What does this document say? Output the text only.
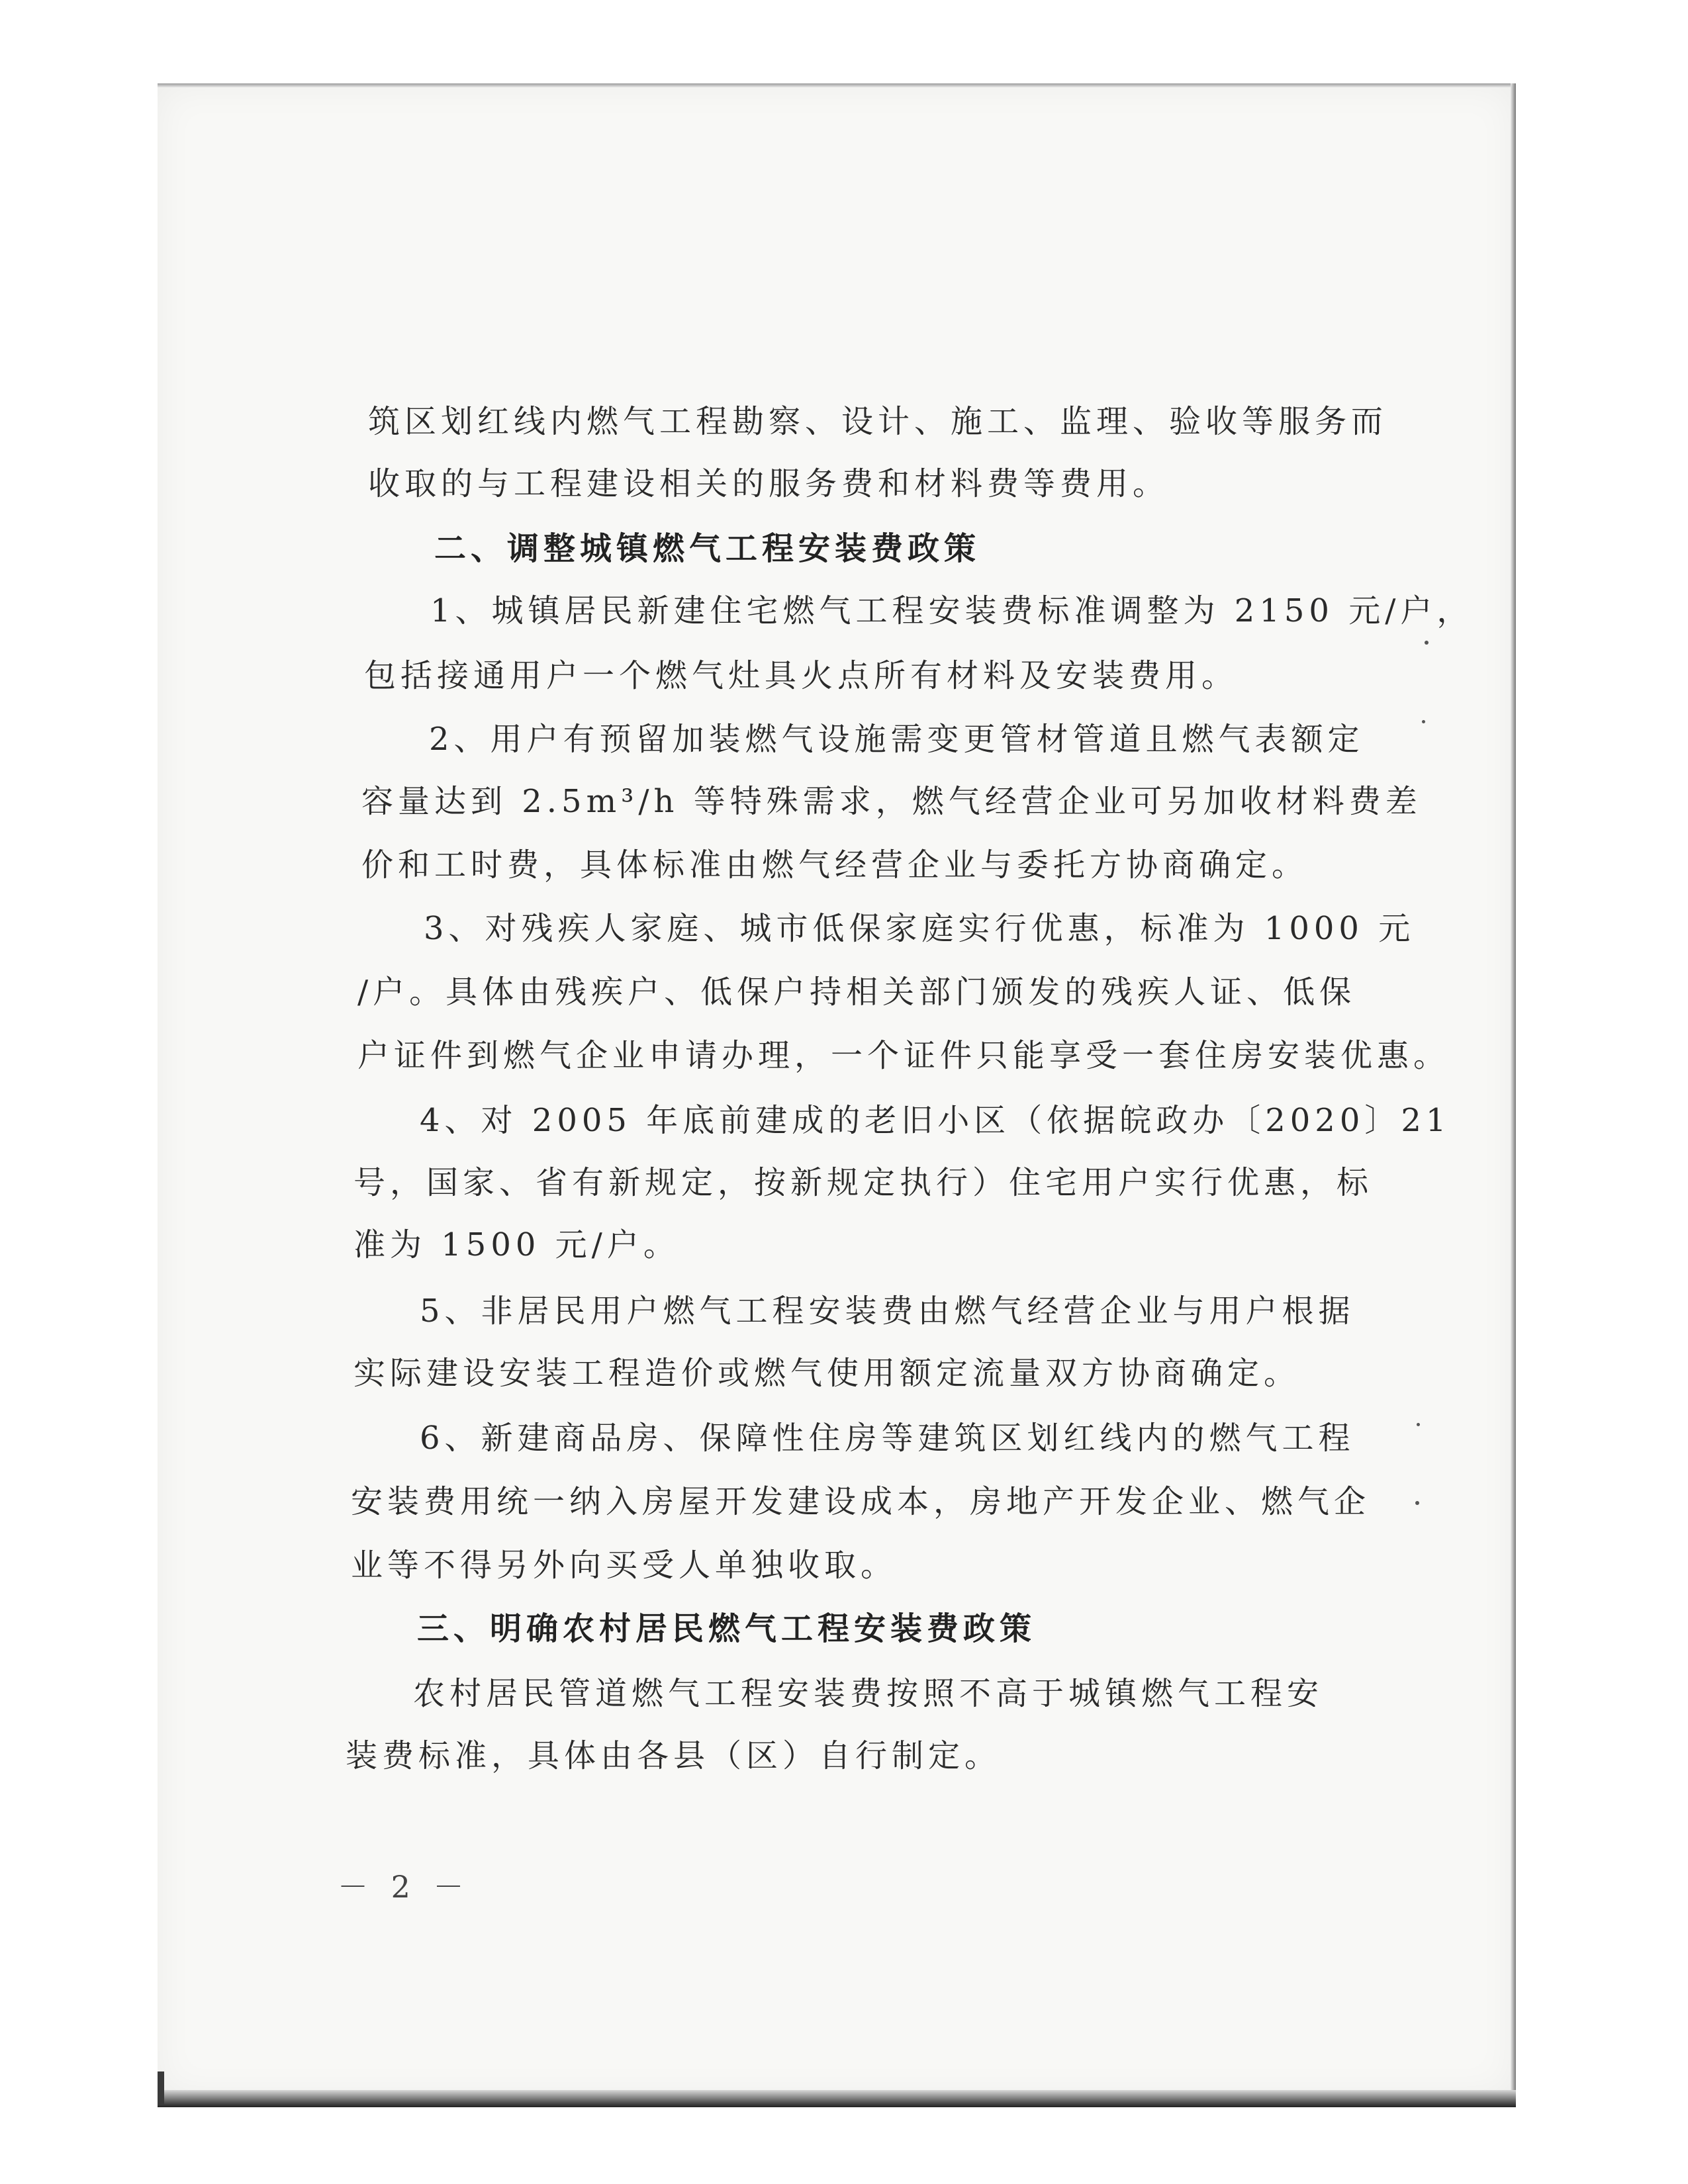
筑区划红线内燃气工程勘察、设计、施工、监理、验收等服务而
收取的与工程建设相关的服务费和材料费等费用。
二、调整城镇燃气工程安装费政策
1、城镇居民新建住宅燃气工程安装费标准调整为 2150 元/户，
包括接通用户一个燃气灶具火点所有材料及安装费用。
2、用户有预留加装燃气设施需变更管材管道且燃气表额定
容量达到 2.5m³/h 等特殊需求，燃气经营企业可另加收材料费差
价和工时费，具体标准由燃气经营企业与委托方协商确定。
3、对残疾人家庭、城市低保家庭实行优惠，标准为 1000 元
/户。具体由残疾户、低保户持相关部门颁发的残疾人证、低保
户证件到燃气企业申请办理，一个证件只能享受一套住房安装优惠。
4、对 2005 年底前建成的老旧小区（依据皖政办〔2020〕21
号，国家、省有新规定，按新规定执行）住宅用户实行优惠，标
准为 1500 元/户。
5、非居民用户燃气工程安装费由燃气经营企业与用户根据
实际建设安装工程造价或燃气使用额定流量双方协商确定。
6、新建商品房、保障性住房等建筑区划红线内的燃气工程
安装费用统一纳入房屋开发建设成本，房地产开发企业、燃气企
业等不得另外向买受人单独收取。
三、明确农村居民燃气工程安装费政策
农村居民管道燃气工程安装费按照不高于城镇燃气工程安
装费标准，具体由各县（区）自行制定。
－ 2 －
